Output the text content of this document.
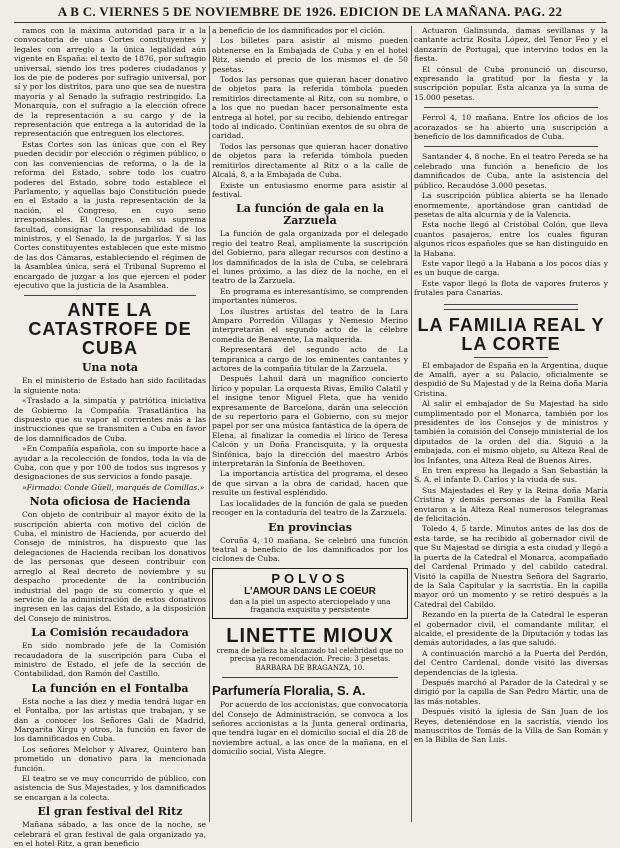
A B C. VIERNES 5 DE NOVIEMBRE DE 1926. EDICION DE LA MAÑANA. PAG. 22

ramos con la máxima autoridad para ir a la convocatoria de unas Cortes constituyentes y legales con arreglo a la única legalidad aún vigente en España: el texto de 1876, por sufragio universal, siendo los tres poderes ciudadanos y los de pie de poderes por sufragio universal, por sí y por los distritos, para uno que sea de nuestra mayoría y al Senado la sufragio restringido. La Monarquía, con el sufragio a la elección ofrece de la representación a su cargo y de la representación que entrega a la autoridad de la representación que entreguen los electores.

Estas Cortes son las únicas que con el Rey pueden decidir por elección o régimen público, o con las conveniencias de reforma, o la de la reforma del Estado, sobre todo los cuatro poderes del Estado, sobre todo establece el Parlamento, y aquellas bajo Constitución puede en el Estado a la justa representación de la nación, el Congreso, en cuyo seno irresponsables. El Congreso, en su suprema facultad, consignar la responsabilidad de los ministros, y el Senado, la de jurgarlos. Y si las Cortes constituyentes establecen que este mismo de las dos Cámaras, estableciendo el régimen de la Asamblea única, será el Tribunal Supremo el encargado de juzgar a los que ejercen el poder ejecutivo que la justicia de la Asamblea.

ANTE LA CATASTROFE DE CUBA
Una nota

En el ministerio de Estado han sido facilitadas la siguiente nota:

«Traslado a la simpatía y patriótica iniciativa de Gobierno la Compañía Trasatlántica ha dispuesto que su vapor al corrientes más a las instrucciones que se transmiten a Cuba en favor de los damnificados de Cuba.

»En Compañía española, con su importe hace a ayudar a la recolección de fondos, toda la vía de Cuba, con que y por 100 de todos sus ingresos y designaciones de sus servicios a fondo pasaje.

»Firmado: Conde Güell, marqués de Comillas.»

Nota oficiosa de Hacienda

Con objeto de contribuir al mayor éxito de la suscripción abierta con motivo del ciclón de Cuba, el ministro de Hacienda, por acuerdo del Consejo de ministros, ha dispuesto que las delegaciones de Hacienda reciban los donativos de las personas que deseen contribuir con arreglo al Real decreto de noviembre y su despacho procedente de la contribución industrial del pago de su comercio y que el servicio de la administración de estos donativos ingresen en las cajas del Estado, a la disposición del Consejo de ministros.

La Comisión recaudadora

En sido nombrado jefe de la Comisión recaudadora de la suscripción para Cuba el ministro de Estado, el jefe de la sección de Contabilidad, don Ramón del Castillo.

La función en el Fontalba

Esta noche a las diez y media tendrá lugar en el Fontalba, por las artistas que trabajan, y se dan a conocer los Señores Gali de Madrid, Margarita Xirgu y otros, la función en favor de los damnificados en Cuba.

Los señores Melchor y Alvarez, Quintero han prometido un donativo para la mencionada función.

El teatro se ve muy concurrido de público, con asistencia de Sus Majestades, y los damnificados se encargan a la colecta.

El gran festival del Ritz

Mañana sábado, a las once de la noche, se celebrará el gran festival de gala organizado ya, en el hotel Ritz, a gran beneficio

a beneficio de los damnificados por el ciclón.

Los billetes para asistir al mismo pueden obtenerse en la Embajada de Cuba y en el hotel Ritz, siendo el precio de los mismos el de 50 pesetas.

Todos las personas que quieran hacer donativo de objetos para la referida tómbola pueden remitirlos directamente al Ritz, con su nombre, o a los que no puedan hacer personalmente esta entrega al hotel, por su recibo, debiendo entregar todo al indicado. Continúan exentos de su obra de caridad.

Todos las personas que quieran hacer donativo de objetos para la referida tómbola pueden remitirlos directamente al Ritz o a la calle de Alcalá, 8, a la Embajada de Cuba.

Existe un entusiasmo enorme para asistir al festival.

La función de gala en la Zarzuela

La función de gala organizada por el delegado regio del teatro Real, ampliamente la suscripción del Gobierno, para allegar recursos con destino a los damnificados de la isla de Cuba, se celebrará el lunes próximo, a las diez de la noche, en el teatro de la Zarzuela.

En programa es interesantísimo, se comprenden importantes números.

Los ilustres artistas del teatro de la Lara Amparo Porredón Villagas y Nemesio Merino interpretarán el segundo acto de la célebre comedia de Benavente, La malquerida.

Representará del segundo acto de La tempranica a cargo de los eminentes cantantes y actores de la compañía titular de la Zarzuela.

Después Lahuil dará un magnífico concierto lírico y popular. La orquesta Rivas, Emilio Calatil y el insigne tenor Miguel Fleta, que ha venido expresamente de Barcelona, darán una selección de su repertorio para el Gobierno, con su mejor papel por ser una música fantástica de la ópera de Elena, al finalizar la comedia el lírico de Teresa Calcón y un Doña Francisquita, y la orquesta Sinfónica, bajo la dirección del maestro Arbós interpretarán la Sinfonía de Beethoven.

La importancia artística del programa, el deseo de que sirvan a la obra de caridad, hacen que resulte un festival espléndido.

Las localidades de la función de gala se pueden recoger en la contaduría del teatro de la Zarzuela.

En provincias

Coruña 4, 10 mañana. Se celebró una función teatral a beneficio de los damnificados por los ciclones de Cuba.

POLVOS
L'AMOUR DANS LE COEUR
dan a la piel un aspecto aterciopelado y una fragancia exquisita y persistente
LINETTE MIOUX
crema de belleza ha alcanzado tal celebridad que no precisa ya recomendación. Precio: 3 pesetas. BARBARA DE BRAGANZA, 10.
Parfumería Floralia, S. A.

Por acuerdo de los accionistas, que convocatoria del Consejo de Administración, se convoca a los señores accionistas a la Junta general ordinaria, que tendrá lugar en el domicilio social el día 28 de noviembre actual, a las once de la mañana, en el domicilio social, Vista Alegre.

Actuaron Galinsunda, damas sevillanas y la cantante actriz Rosita López, del Tenor Feo y el danzarín de Portugal, que intervino todos en la fiesta.

El cónsul de Cuba pronunció un discurso, expresando la gratitud por la fiesta y la suscripción popular. Esta alcanza ya la suma de 15.000 pesetas.

Ferrol 4, 10 mañana. Entre los oficios de los acorazados se ha abierto una suscripción a beneficio de los damnificados de Cuba.

Santander 4, 8 noche. En el teatro Pereda se ha celebrado una función a beneficio de los damnificados de Cuba, ante la asistencia del público. Recaudóse 3.000 pesetas.

La suscripción pública abierta se ha llenado enormemente, aportándose gran cantidad de pesetas de alta alcurnia y de la Valencia.

Esta noche llegó al Cristóbal Colón, que lleva cuantos pasajeros, entre los cuales figuran algunos ricos españoles que se han distinguido en la Habana.

Este vapor llegó a la Habana a los pocos días y es un buque de carga.

Este vapor llegó la flota de vapores fruteros y frutales para Canarias.

LA FAMILIA REAL Y LA CORTE

El embajador de España en la Argentina, duque de Amalfi, ayer a su Palacio, oficialmente se despidió de Su Majestad y de la Reina doña María Cristina.

Al salir el embajador de Su Majestad ha sido cumplimentado por el Monarca, también por los presidentes de los Consejos y de ministros y también la comisión del Consejo ministerial de los diputados de la orden del día. Siguió a la embajada, con el mismo objeto, su Alteza Real de los Infantes, una Alteza Real de Buenos Aires.

En tren expreso ha llegado a San Sebastián la S. A. el infante D. Carlos y la viuda de sus.

Sus Majestades el Rey y la Reina doña María Cristina y demás personas de la Familia Real enviaron a la Alteza Real numerosos telegramas de felicitación.

Toledo 4, 5 tarde. Minutos antes de las dos de esta tarde, se ha recibido al gobernador civil de que Su Majestad se dirigía a esta ciudad y llegó a la puerta de la Catedral el Monarca, acompañado del Cardenal Primado y del cabildo catedral. Visitó la capilla de Nuestra Señora del Sagrario, de la Sala Capitular y la sacristía. En la capilla mayor oró un momento y se retiró después a la Catedral del Cabildo.

Rezando en la puerta de la Catedral le esperan el gobernador civil, el comandante militar, el alcalde, el presidente de la Diputación y todas las demás autoridades, a las que saludó.

A continuación marchó a la Puerta del Perdón, del Centro Cardenal, donde visitó las diversas dependencias de la iglesia.

Después marchó al Parador de la Catedral y se dirigió por la capilla de San Pedro Mártir, una de las más notables.

Después visitó la iglesia de San Juan de los Reyes, deteniéndose en la sacristía, viendo los manuscritos de Tomás de la Villa de San Román y en la Biblia de San Luis.
